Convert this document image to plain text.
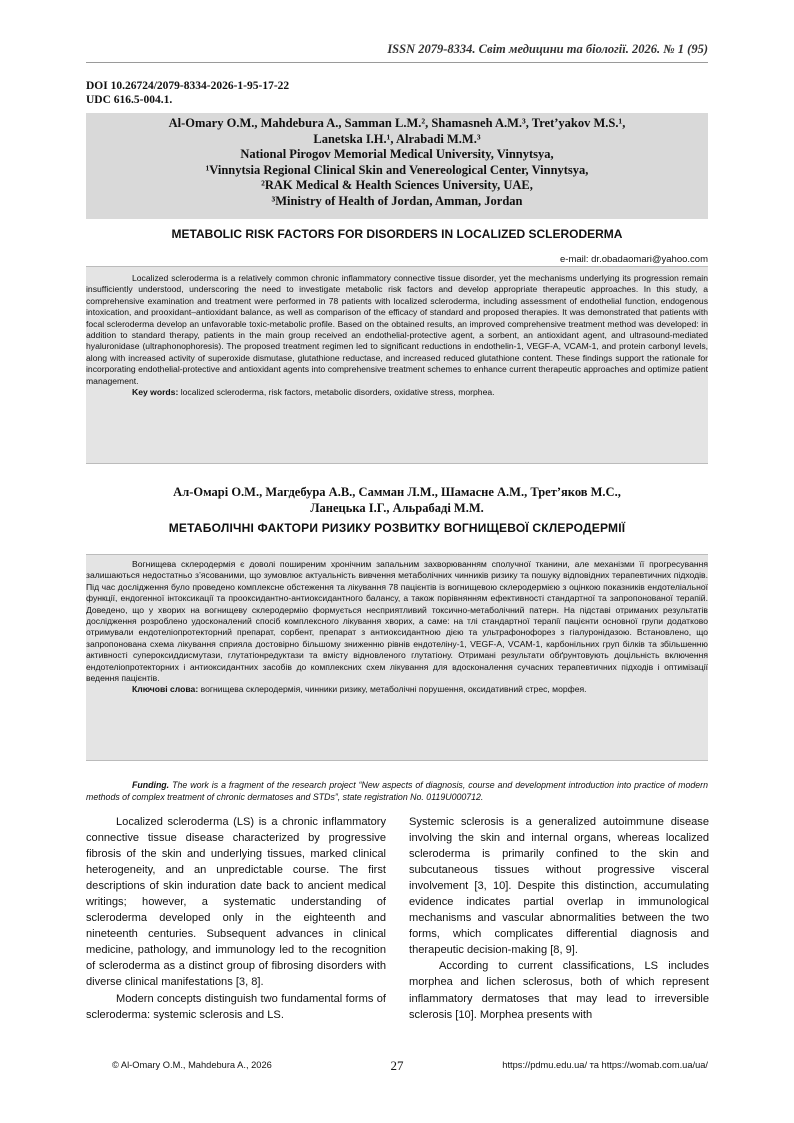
ISSN 2079-8334. Світ медицини та біології. 2026. № 1 (95)
DOI 10.26724/2079-8334-2026-1-95-17-22
UDC 616.5-004.1.
Al-Omary O.M., Mahdebura A., Samman L.M.², Shamasneh A.M.³, Tret’yakov M.S.¹,
Lanetska I.H.¹, Alrabadi M.M.³
National Pirogov Memorial Medical University, Vinnytsya,
¹Vinnytsia Regional Clinical Skin and Venereological Center, Vinnytsya,
²RAK Medical & Health Sciences University, UAE,
³Ministry of Health of Jordan, Amman, Jordan
METABOLIC RISK FACTORS FOR DISORDERS IN LOCALIZED SCLERODERMA
e-mail: dr.obadaomari@yahoo.com

Localized scleroderma is a relatively common chronic inflammatory connective tissue disorder, yet the mechanisms underlying its progression remain insufficiently understood, underscoring the need to investigate metabolic risk factors and develop appropriate therapeutic approaches. In this study, a comprehensive examination and treatment were performed in 78 patients with localized scleroderma, including assessment of endothelial function, endogenous intoxication, and prooxidant–antioxidant balance, as well as comparison of the efficacy of standard and proposed therapies. It was demonstrated that patients with focal scleroderma develop an unfavorable toxic-metabolic profile. Based on the obtained results, an improved comprehensive treatment method was developed: in addition to standard therapy, patients in the main group received an endothelial-protective agent, a sorbent, an antioxidant agent, and ultrasound-mediated hyaluronidase (ultraphonophoresis). The proposed treatment regimen led to significant reductions in endothelin-1, VEGF-A, VCAM-1, and protein carbonyl levels, along with increased activity of superoxide dismutase, glutathione reductase, and increased reduced glutathione content. These findings support the rationale for incorporating endothelial-protective and antioxidant agents into comprehensive treatment schemes to enhance current therapeutic approaches and optimize patient management.

Key words: localized scleroderma, risk factors, metabolic disorders, oxidative stress, morphea.

Ал-Омарі О.М., Магдебура А.В., Самман Л.М., Шамасне А.М., Трет’яков М.С.,
Ланецька І.Г., Альрабаді М.М.
МЕТАБОЛІЧНІ ФАКТОРИ РИЗИКУ РОЗВИТКУ ВОГНИЩЕВОЇ СКЛЕРОДЕРМІЇ

Вогнищева склеродермія є доволі поширеним хронічним запальним захворюванням сполучної тканини, але механізми її прогресування залишаються недостатньо з’ясованими, що зумовлює актуальність вивчення метаболічних чинників ризику та пошуку відповідних терапевтичних підходів. Під час дослідження було проведено комплексне обстеження та лікування 78 пацієнтів із вогнищевою склеродермією з оцінкою показників ендотеліальної функції, ендогенної інтоксикації та прооксидантно-антиоксидантного балансу, а також порівнянням ефективності стандартної та запропонованої терапій. Доведено, що у хворих на вогнищеву склеродермію формується несприятливий токсично-метаболічний патерн. На підставі отриманих результатів дослідження розроблено удосконалений спосіб комплексного лікування хворих, а саме: на тлі стандартної терапії пацієнти основної групи додатково отримували ендотеліопротекторний препарат, сорбент, препарат з антиоксидантною дією та ультрафонофорез з гіалуронідазою. Встановлено, що запропонована схема лікування сприяла достовірно більшому зниженню рівнів ендотеліну-1, VEGF-A, VCAM-1, карбонільних груп білків та збільшенню активності супероксиддисмутази, глутатіонредуктази та вмісту відновленого глутатіону. Отримані результати обґрунтовують доцільність включення ендотеліопротекторних і антиоксидантних засобів до комплексних схем лікування для вдосконалення сучасних терапевтичних підходів і оптимізації ведення пацієнтів.

Ключові слова: вогнищева склеродермія, чинники ризику, метаболічні порушення, оксидативний стрес, морфея.

Funding. The work is a fragment of the research project “New aspects of diagnosis, course and development introduction into practice of modern methods of complex treatment of chronic dermatoses and STDs”, state registration No. 0119U000712.

Localized scleroderma (LS) is a chronic inflammatory connective tissue disease characterized by progressive fibrosis of the skin and underlying tissues, marked clinical heterogeneity, and an unpredictable course. The first descriptions of skin induration date back to ancient medical writings; however, a systematic understanding of scleroderma developed only in the eighteenth and nineteenth centuries. Subsequent advances in clinical medicine, pathology, and immunology led to the recognition of scleroderma as a distinct group of fibrosing disorders with diverse clinical manifestations [3, 8].

Modern concepts distinguish two fundamental forms of scleroderma: systemic sclerosis and LS.

Systemic sclerosis is a generalized autoimmune disease involving the skin and internal organs, whereas localized scleroderma is primarily confined to the skin and subcutaneous tissues without progressive visceral involvement [3, 10]. Despite this distinction, accumulating evidence indicates partial overlap in immunological mechanisms and vascular abnormalities between the two forms, which complicates differential diagnosis and therapeutic decision-making [8, 9].

According to current classifications, LS includes morphea and lichen sclerosus, both of which represent inflammatory dermatoses that may lead to irreversible sclerosis [10]. Morphea presents with

© Al-Omary O.M., Mahdebura A., 2026	27	https://pdmu.edu.ua/ та https://womab.com.ua/ua/
